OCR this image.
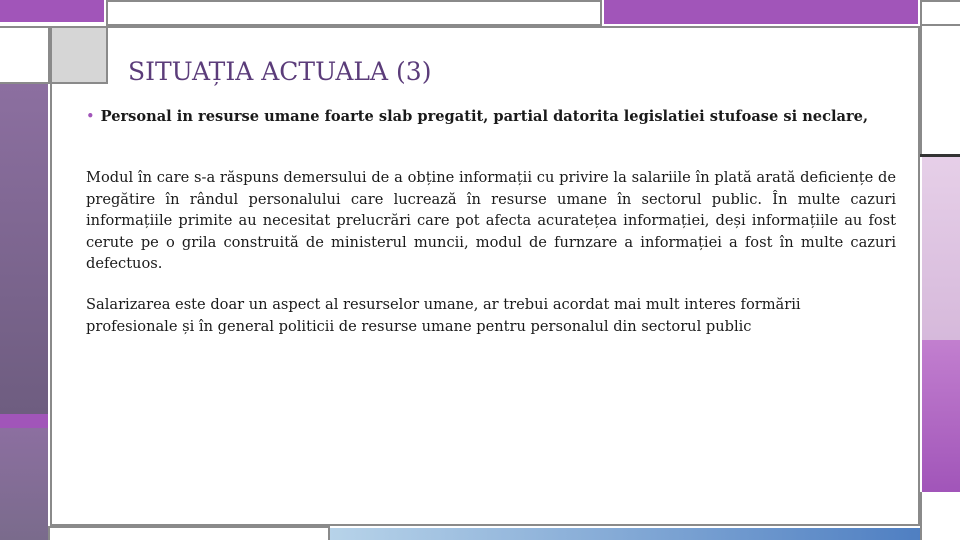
SITUAȚIA ACTUALA (3)
• Personal in resurse umane foarte slab pregatit, partial datorita legislatiei stufoase si neclare,
Modul în care s-a răspuns demersului de a obține informații cu privire la salariile în plată arată deficiențe de pregătire în rândul personalului care lucrează în resurse umane în sectorul public. În multe cazuri informațiile primite au necesitat prelucrări care pot afecta acuratețea informației, deși informațiile au fost cerute pe o grila construită de ministerul muncii, modul de furnzare a informației a fost în multe cazuri defectuos.
Salarizarea este doar un aspect al resurselor umane, ar trebui acordat mai mult interes formării profesionale și în general politicii de resurse umane pentru personalul din sectorul public
